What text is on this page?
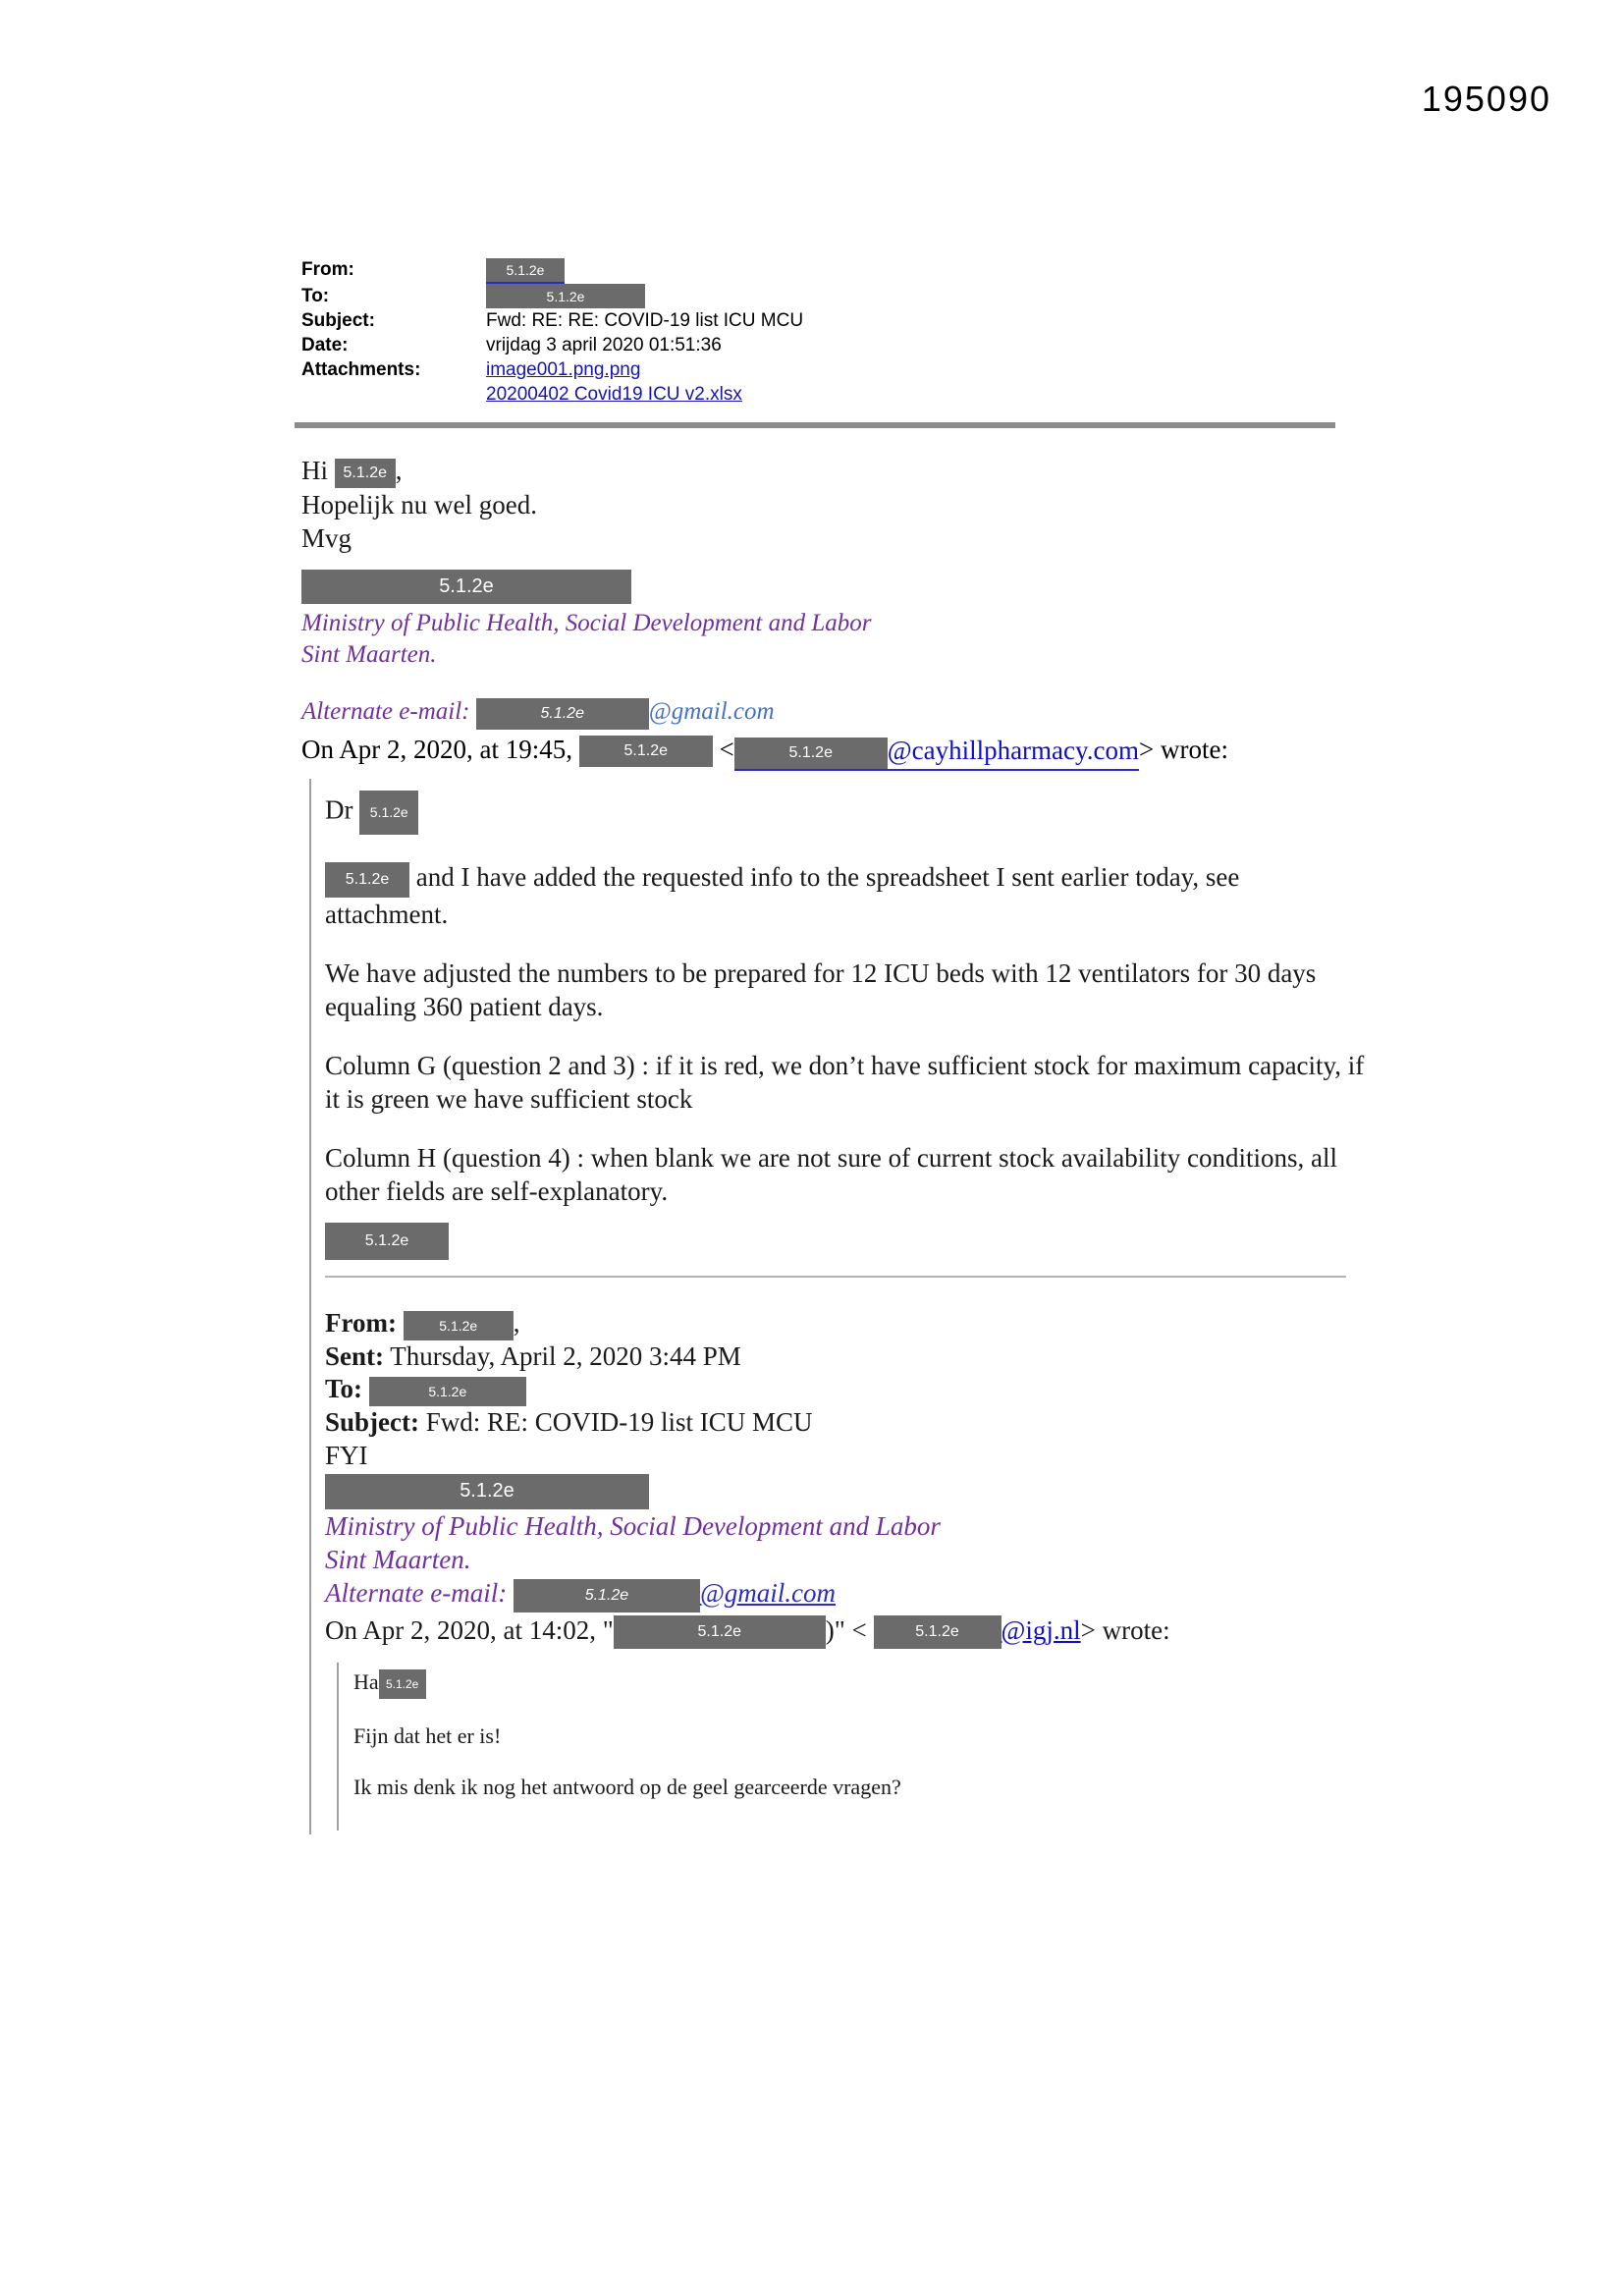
195090
From:	5.1.2e
To:	5.1.2e
Subject:	Fwd: RE: RE: COVID-19 list ICU MCU
Date:	vrijdag 3 april 2020 01:51:36
Attachments:	image001.png.png
20200402 Covid19 ICU v2.xlsx
Hi 5.1.2e ,
Hopelijk nu wel goed.
Mvg
5.1.2e
Ministry of Public Health, Social Development and Labor
Sint Maarten.
Alternate e-mail:	5.1.2e	@gmail.com
On Apr 2, 2020, at 19:45,	5.1.2e <	5.1.2e @cayhillpharmacy.com> wrote:

Dr 5.1.2e

5.1.2e and I have added the requested info to the spreadsheet I sent earlier today, see attachment.

We have adjusted the numbers to be prepared for 12 ICU beds with 12 ventilators for 30 days equaling 360 patient days.

Column G (question 2 and 3) : if it is red, we don’t have sufficient stock for maximum capacity, if it is green we have sufficient stock

Column H (question 4) : when blank we are not sure of current stock availability conditions, all other fields are self-explanatory.

5.1.2e

From:	5.1.2e ,
Sent: Thursday, April 2, 2020 3:44 PM
To:	5.1.2e
Subject: Fwd: RE: COVID-19 list ICU MCU

FYI

5.1.2e

Ministry of Public Health, Social Development and Labor

Sint Maarten.

Alternate e-mail:	5.1.2e	@gmail.com

On Apr 2, 2020, at 14:02, "	5.1.2e	)" <	5.1.2e @igj.nl> wrote:

Ha 5.1.2e

Fijn dat het er is!

Ik mis denk ik nog het antwoord op de geel gearceerde vragen?
